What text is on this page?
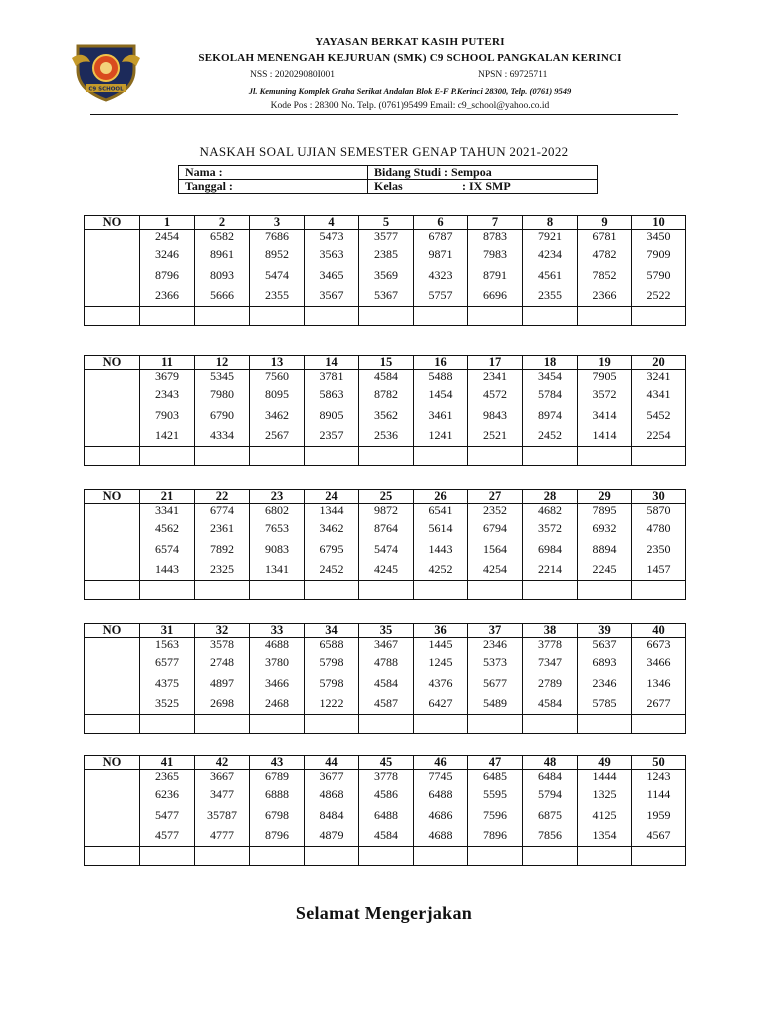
C9 SCHOOL
YAYASAN BERKAT KASIH PUTERI
SEKOLAH MENENGAH KEJURUAN (SMK) C9 SCHOOL PANGKALAN KERINCI
NSS : 202029080I001	NPSN : 69725711
Jl. Kemuning Komplek Graha Serikat Andalan Blok E-F P.Kerinci 28300, Telp. (0761) 9549
Kode Pos : 28300 No. Telp. (0761)95499 Email: c9_school@yahoo.co.id
NASKAH SOAL UJIAN SEMESTER GENAP TAHUN 2021-2022
Nama :	Bidang Studi : Sempoa
Tanggal :	Kelas : IX SMP
NO	1	2	3	4	5	6	7	8	9	10
	2454	6582	7686	5473	3577	6787	8783	7921	6781	3450
	3246	8961	8952	3563	2385	9871	7983	4234	4782	7909
	8796	8093	5474	3465	3569	4323	8791	4561	7852	5790
	2366	5666	2355	3567	5367	5757	6696	2355	2366	2522

NO	11	12	13	14	15	16	17	18	19	20
	3679	5345	7560	3781	4584	5488	2341	3454	7905	3241
	2343	7980	8095	5863	8782	1454	4572	5784	3572	4341
	7903	6790	3462	8905	3562	3461	9843	8974	3414	5452
	1421	4334	2567	2357	2536	1241	2521	2452	1414	2254

NO	21	22	23	24	25	26	27	28	29	30
	3341	6774	6802	1344	9872	6541	2352	4682	7895	5870
	4562	2361	7653	3462	8764	5614	6794	3572	6932	4780
	6574	7892	9083	6795	5474	1443	1564	6984	8894	2350
	1443	2325	1341	2452	4245	4252	4254	2214	2245	1457

NO	31	32	33	34	35	36	37	38	39	40
	1563	3578	4688	6588	3467	1445	2346	3778	5637	6673
	6577	2748	3780	5798	4788	1245	5373	7347	6893	3466
	4375	4897	3466	5798	4584	4376	5677	2789	2346	1346
	3525	2698	2468	1222	4587	6427	5489	4584	5785	2677

NO	41	42	43	44	45	46	47	48	49	50
	2365	3667	6789	3677	3778	7745	6485	6484	1444	1243
	6236	3477	6888	4868	4586	6488	5595	5794	1325	1144
	5477	35787	6798	8484	6488	4686	7596	6875	4125	1959
	4577	4777	8796	4879	4584	4688	7896	7856	1354	4567

Selamat Mengerjakan
